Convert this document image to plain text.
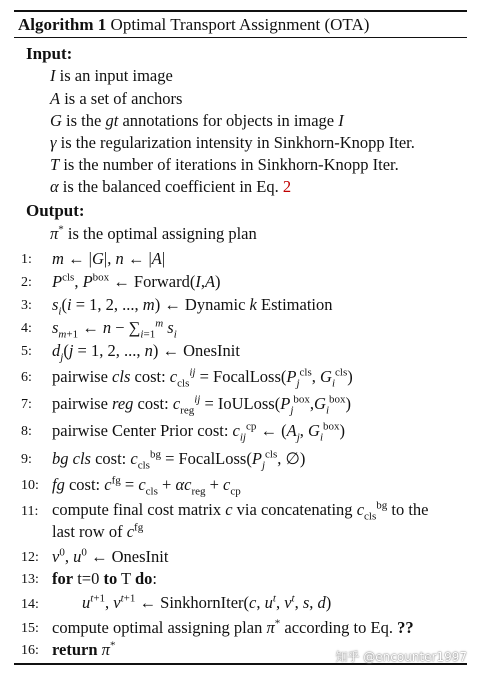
Algorithm 1 Optimal Transport Assignment (OTA)
Input:
I is an input image
A is a set of anchors
G is the gt annotations for objects in image I
γ is the regularization intensity in Sinkhorn-Knopp Iter.
T is the number of iterations in Sinkhorn-Knopp Iter.
α is the balanced coefficient in Eq. 2
Output:
π* is the optimal assigning plan
1:	m ← |G|, n ← |A|
2:	$P^{cls}$, $P^{box}$ ← Forward(I,A)
3:	$s_i(i = 1$, 2, ..., m) ← Dynamic k Estimation
4:	$s_{m+1}$ ← $n - \sum_{i=1}^m$ $s_i$
5:	$d_j(j = 1$, 2, ..., n) ← OnesInit
6:	pairwise cls cost: $c_{cls}^{ij}$ = $FocalLoss(P_j^{cls}$, $G_i^{cls}$)
7:	pairwise reg cost: $c_{reg}^{ij}$ = $IoULoss(P_j^{box},G_i^{box})$
8:	pairwise Center Prior cost: $c_{ij}^{cp}$ ← ($A_j$, $G_i^{box}$)
9:	bg cls cost: $c_{cls}^{bg}$ = $FocalLoss(P_j^{cls}$, ∅)
10: fg cost: $c^{fg} = c_{cls} + \alpha c_{reg} + c_{cp}$
11: compute final cost matrix c via concatenating $c_{cls}^{bg}$ to the
last row of $c^{fg}$
12: $v^0$, $u^0$ ← OnesInit
13: for t=0 to T do:
14:	$u^{t+1}$, $v^{t+1}$ ← SinkhornIter(c, $u^t$, $v^t$, s, d)
15: compute optimal assigning plan π* according to Eq. ??
16: return π*
知乎 @encounter1997
